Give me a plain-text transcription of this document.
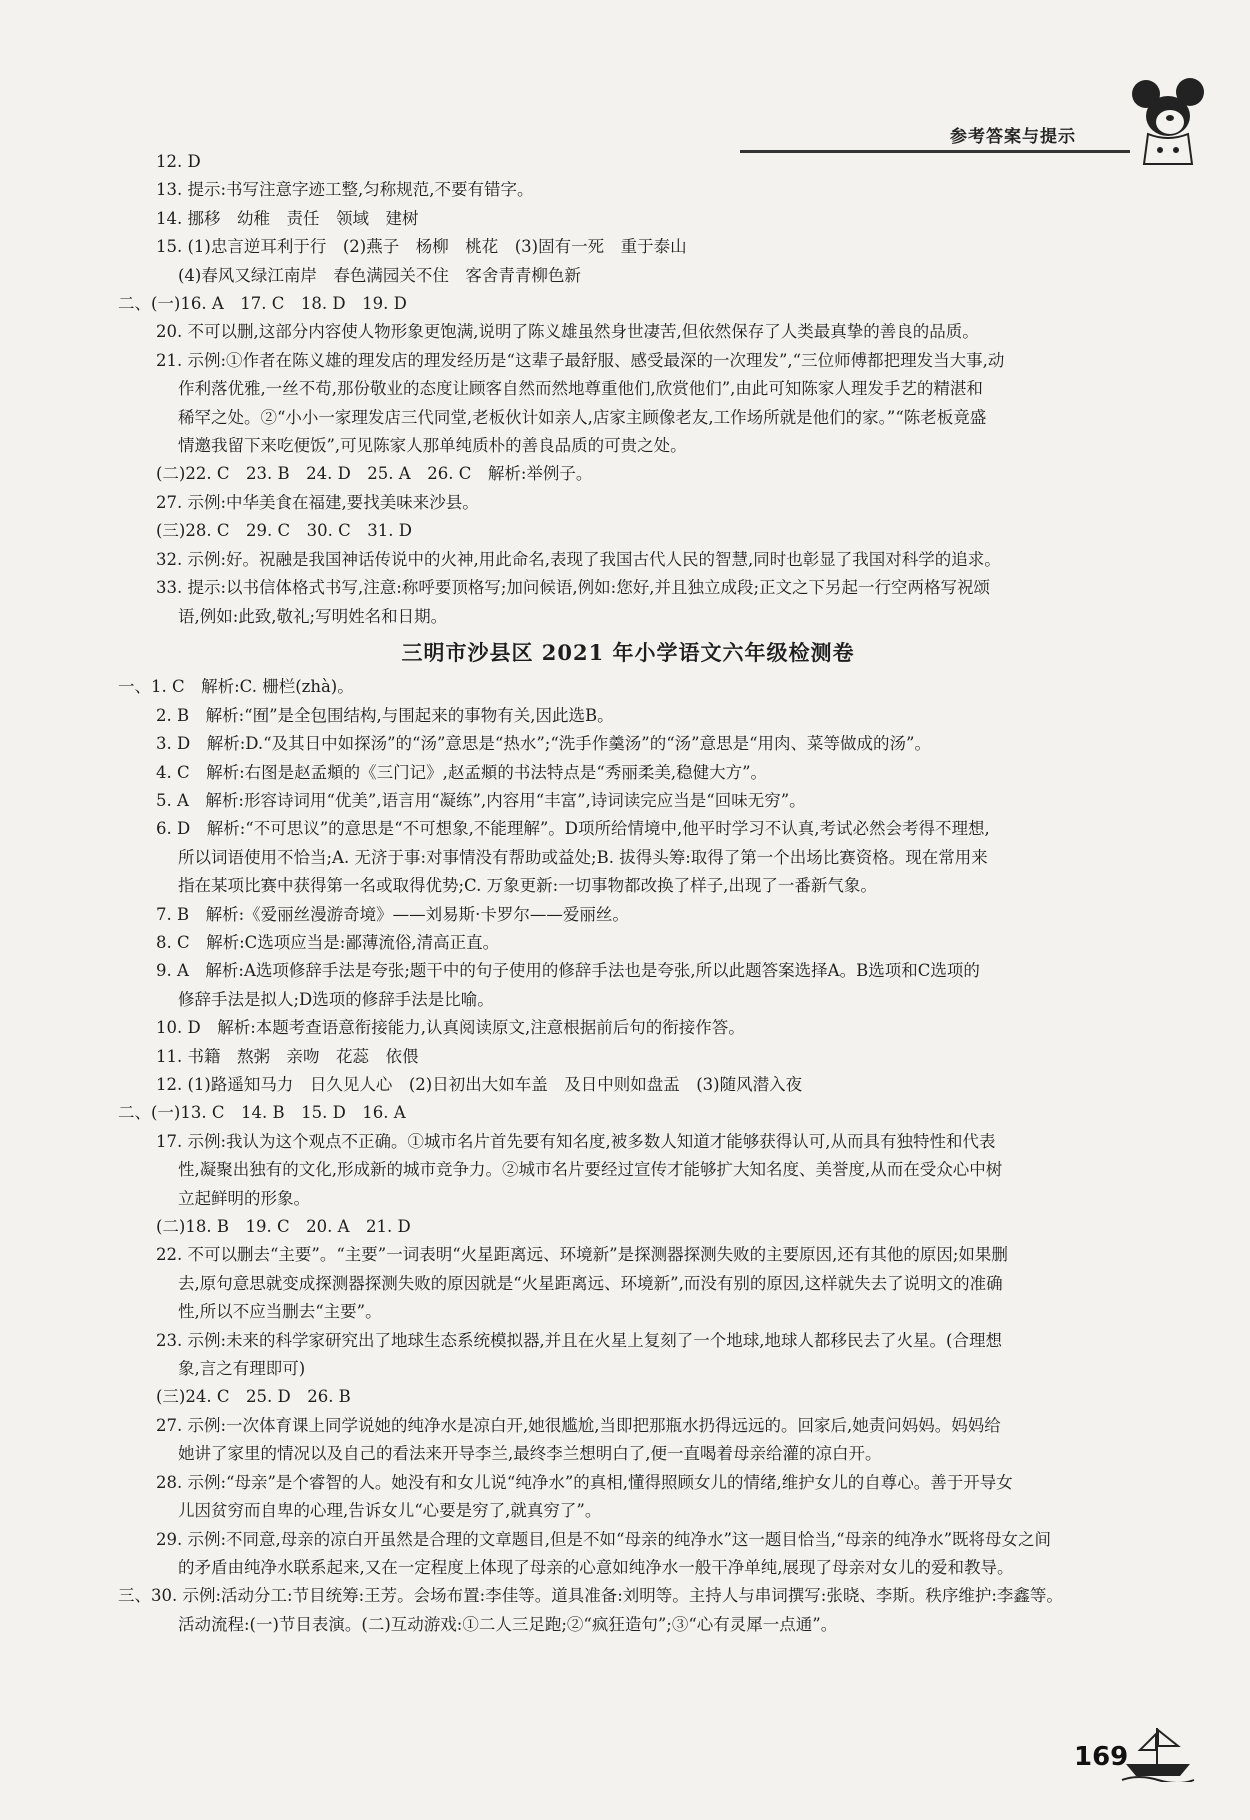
参考答案与提示
12. D
13. 提示:书写注意字迹工整,匀称规范,不要有错字。
14. 挪移　幼稚　责任　领域　建树
15. (1)忠言逆耳利于行　(2)燕子　杨柳　桃花　(3)固有一死　重于泰山
(4)春风又绿江南岸　春色满园关不住　客舍青青柳色新
二、(一)16. A　17. C　18. D　19. D
20. 不可以删,这部分内容使人物形象更饱满,说明了陈义雄虽然身世凄苦,但依然保存了人类最真挚的善良的品质。
21. 示例:①作者在陈义雄的理发店的理发经历是“这辈子最舒服、感受最深的一次理发”,“三位师傅都把理发当大事,动
作利落优雅,一丝不苟,那份敬业的态度让顾客自然而然地尊重他们,欣赏他们”,由此可知陈家人理发手艺的精湛和
稀罕之处。②“小小一家理发店三代同堂,老板伙计如亲人,店家主顾像老友,工作场所就是他们的家。”“陈老板竟盛
情邀我留下来吃便饭”,可见陈家人那单纯质朴的善良品质的可贵之处。
(二)22. C　23. B　24. D　25. A　26. C　解析:举例子。
27. 示例:中华美食在福建,要找美味来沙县。
(三)28. C　29. C　30. C　31. D
32. 示例:好。祝融是我国神话传说中的火神,用此命名,表现了我国古代人民的智慧,同时也彰显了我国对科学的追求。
33. 提示:以书信体格式书写,注意:称呼要顶格写;加问候语,例如:您好,并且独立成段;正文之下另起一行空两格写祝颂
语,例如:此致,敬礼;写明姓名和日期。
三明市沙县区 2021 年小学语文六年级检测卷
一、1. C　解析:C. 栅栏(zhà)。
2. B　解析:“囿”是全包围结构,与围起来的事物有关,因此选B。
3. D　解析:D.“及其日中如探汤”的“汤”意思是“热水”;“洗手作羹汤”的“汤”意思是“用肉、菜等做成的汤”。
4. C　解析:右图是赵孟頫的《三门记》,赵孟頫的书法特点是“秀丽柔美,稳健大方”。
5. A　解析:形容诗词用“优美”,语言用“凝练”,内容用“丰富”,诗词读完应当是“回味无穷”。
6. D　解析:“不可思议”的意思是“不可想象,不能理解”。D项所给情境中,他平时学习不认真,考试必然会考得不理想,
所以词语使用不恰当;A. 无济于事:对事情没有帮助或益处;B. 拔得头筹:取得了第一个出场比赛资格。现在常用来
指在某项比赛中获得第一名或取得优势;C. 万象更新:一切事物都改换了样子,出现了一番新气象。
7. B　解析:《爱丽丝漫游奇境》——刘易斯·卡罗尔——爱丽丝。
8. C　解析:C选项应当是:鄙薄流俗,清高正直。
9. A　解析:A选项修辞手法是夸张;题干中的句子使用的修辞手法也是夸张,所以此题答案选择A。B选项和C选项的
修辞手法是拟人;D选项的修辞手法是比喻。
10. D　解析:本题考查语意衔接能力,认真阅读原文,注意根据前后句的衔接作答。
11. 书籍　熬粥　亲吻　花蕊　依偎
12. (1)路遥知马力　日久见人心　(2)日初出大如车盖　及日中则如盘盂　(3)随风潜入夜
二、(一)13. C　14. B　15. D　16. A
17. 示例:我认为这个观点不正确。①城市名片首先要有知名度,被多数人知道才能够获得认可,从而具有独特性和代表
性,凝聚出独有的文化,形成新的城市竞争力。②城市名片要经过宣传才能够扩大知名度、美誉度,从而在受众心中树
立起鲜明的形象。
(二)18. B　19. C　20. A　21. D
22. 不可以删去“主要”。“主要”一词表明“火星距离远、环境新”是探测器探测失败的主要原因,还有其他的原因;如果删
去,原句意思就变成探测器探测失败的原因就是“火星距离远、环境新”,而没有别的原因,这样就失去了说明文的准确
性,所以不应当删去“主要”。
23. 示例:未来的科学家研究出了地球生态系统模拟器,并且在火星上复刻了一个地球,地球人都移民去了火星。(合理想
象,言之有理即可)
(三)24. C　25. D　26. B
27. 示例:一次体育课上同学说她的纯净水是凉白开,她很尴尬,当即把那瓶水扔得远远的。回家后,她责问妈妈。妈妈给
她讲了家里的情况以及自己的看法来开导李兰,最终李兰想明白了,便一直喝着母亲给灌的凉白开。
28. 示例:“母亲”是个睿智的人。她没有和女儿说“纯净水”的真相,懂得照顾女儿的情绪,维护女儿的自尊心。善于开导女
儿因贫穷而自卑的心理,告诉女儿“心要是穷了,就真穷了”。
29. 示例:不同意,母亲的凉白开虽然是合理的文章题目,但是不如“母亲的纯净水”这一题目恰当,“母亲的纯净水”既将母女之间
的矛盾由纯净水联系起来,又在一定程度上体现了母亲的心意如纯净水一般干净单纯,展现了母亲对女儿的爱和教导。
三、30. 示例:活动分工:节目统筹:王芳。会场布置:李佳等。道具准备:刘明等。主持人与串词撰写:张晓、李斯。秩序维护:李鑫等。
活动流程:(一)节目表演。(二)互动游戏:①二人三足跑;②“疯狂造句”;③“心有灵犀一点通”。
169
